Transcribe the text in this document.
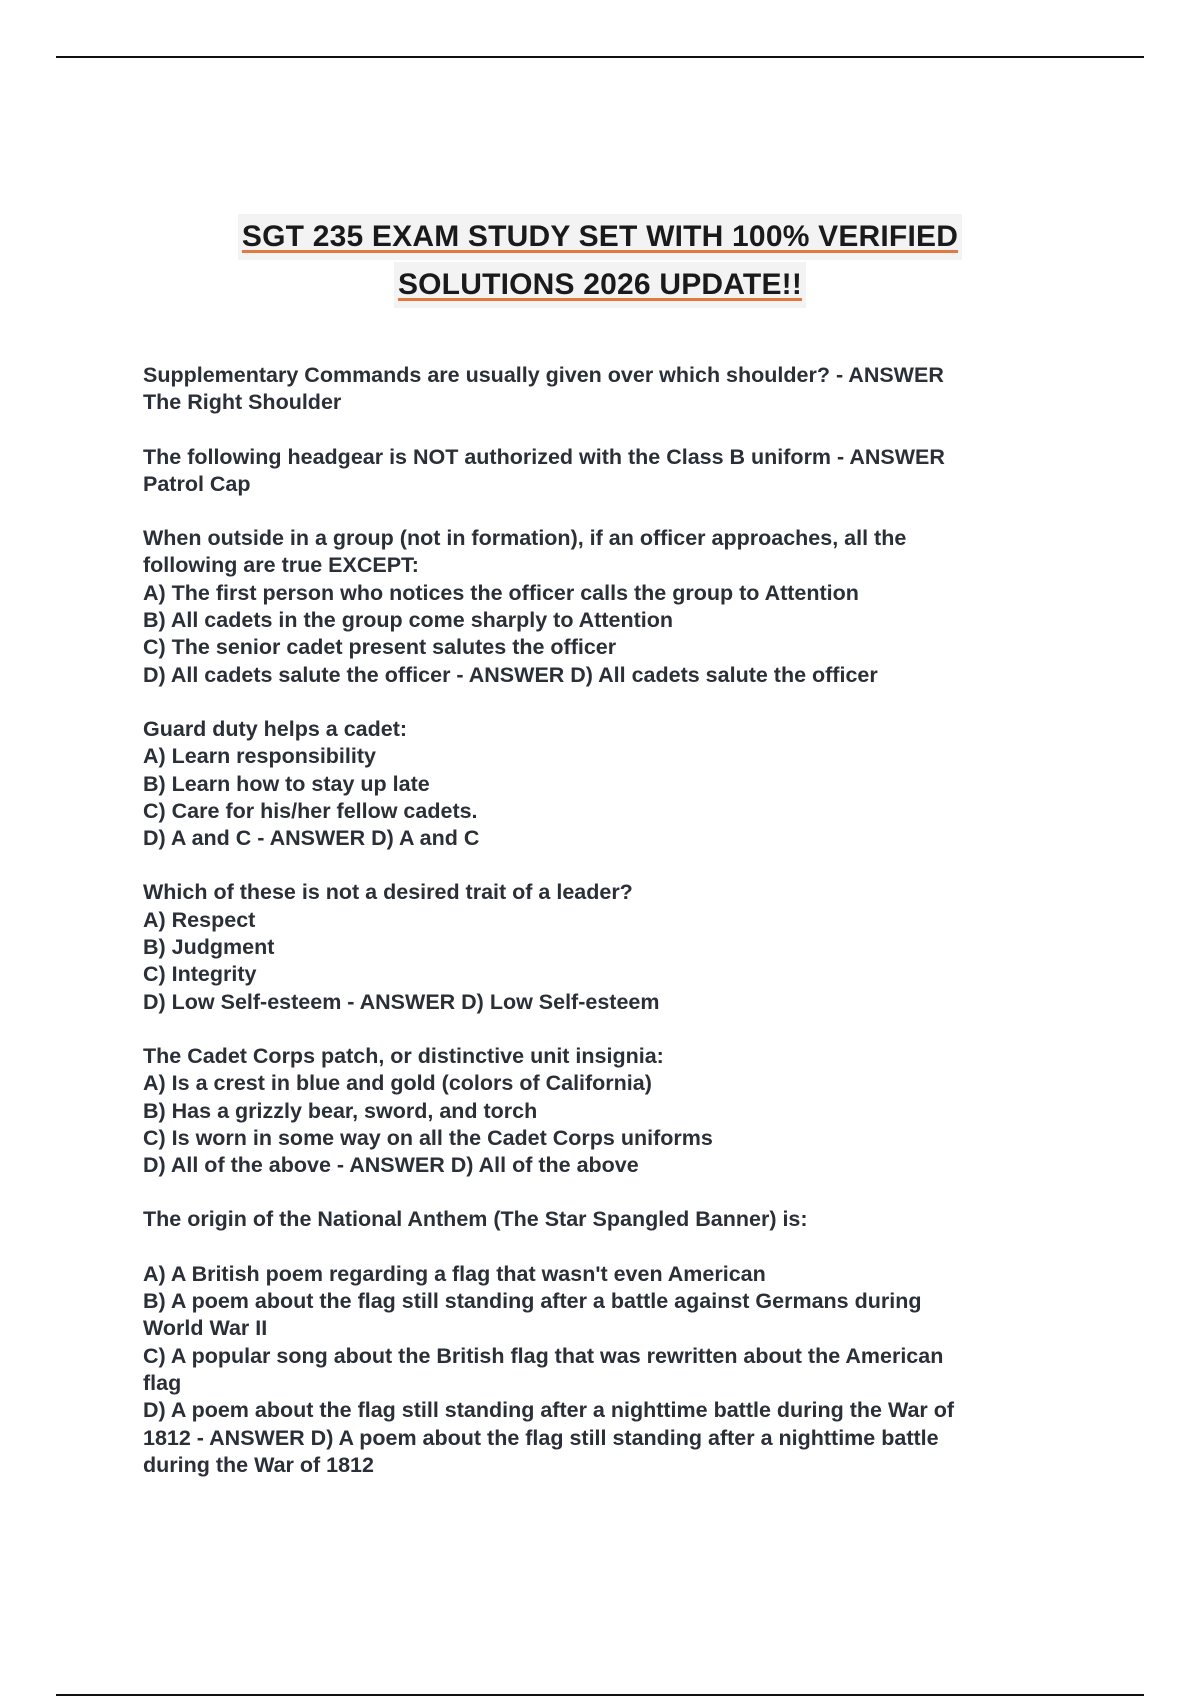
SGT 235 EXAM STUDY SET WITH 100% VERIFIED
SOLUTIONS 2026 UPDATE!!
Supplementary Commands are usually given over which shoulder? - ANSWER
The Right Shoulder
The following headgear is NOT authorized with the Class B uniform - ANSWER
Patrol Cap
When outside in a group (not in formation), if an officer approaches, all the
following are true EXCEPT:
A) The first person who notices the officer calls the group to Attention
B) All cadets in the group come sharply to Attention
C) The senior cadet present salutes the officer
D) All cadets salute the officer - ANSWER D) All cadets salute the officer
Guard duty helps a cadet:
A) Learn responsibility
B) Learn how to stay up late
C) Care for his/her fellow cadets.
D) A and C - ANSWER D) A and C
Which of these is not a desired trait of a leader?
A) Respect
B) Judgment
C) Integrity
D) Low Self-esteem - ANSWER D) Low Self-esteem
The Cadet Corps patch, or distinctive unit insignia:
A) Is a crest in blue and gold (colors of California)
B) Has a grizzly bear, sword, and torch
C) Is worn in some way on all the Cadet Corps uniforms
D) All of the above - ANSWER D) All of the above
The origin of the National Anthem (The Star Spangled Banner) is:
A) A British poem regarding a flag that wasn't even American
B) A poem about the flag still standing after a battle against Germans during
World War II
C) A popular song about the British flag that was rewritten about the American
flag
D) A poem about the flag still standing after a nighttime battle during the War of
1812 - ANSWER D) A poem about the flag still standing after a nighttime battle
during the War of 1812
